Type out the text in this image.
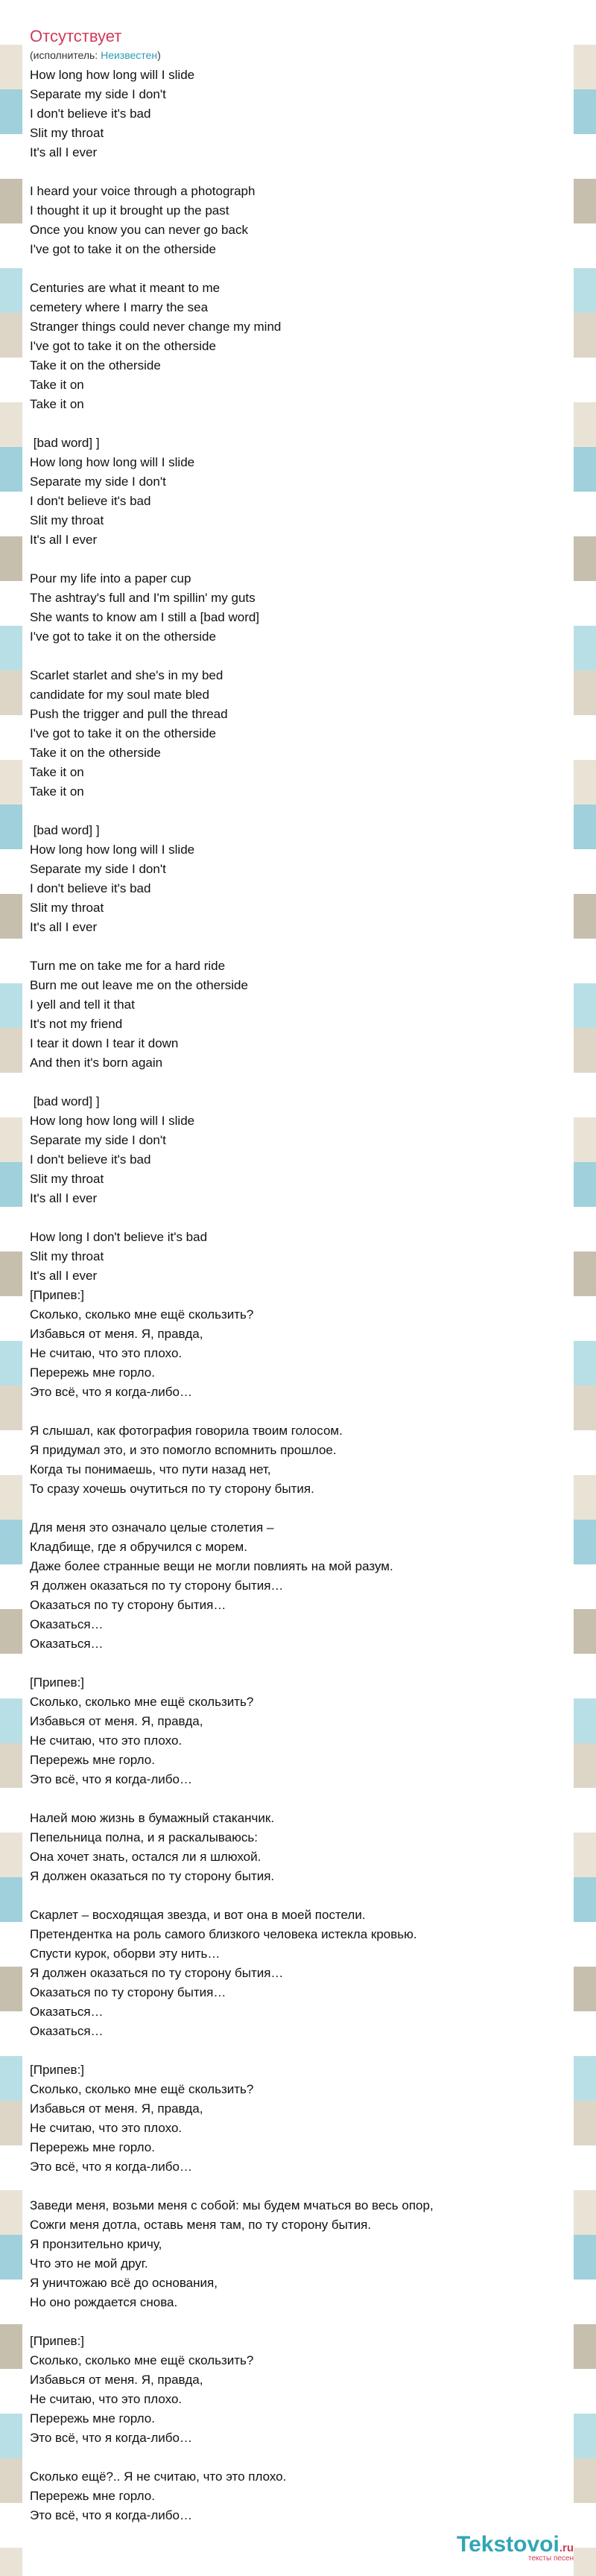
Отсутствует
(исполнитель: Неизвестен)
How long how long will I slide
Separate my side I don't
I don't believe it's bad
Slit my throat
It's all I ever

I heard your voice through a photograph
I thought it up it brought up the past
Once you know you can never go back
I've got to take it on the otherside

Centuries are what it meant to me
cemetery where I marry the sea
Stranger things could never change my mind
I've got to take it on the otherside
Take it on the otherside
Take it on
Take it on

[bad word] ]
How long how long will I slide
Separate my side I don't
I don't believe it's bad
Slit my throat
It's all I ever

Pour my life into a paper cup
The ashtray's full and I'm spillin' my guts
She wants to know am I still a [bad word]
I've got to take it on the otherside

Scarlet starlet and she's in my bed
candidate for my soul mate bled
Push the trigger and pull the thread
I've got to take it on the otherside
Take it on the otherside
Take it on
Take it on

[bad word] ]
How long how long will I slide
Separate my side I don't
I don't believe it's bad
Slit my throat
It's all I ever

Turn me on take me for a hard ride
Burn me out leave me on the otherside
I yell and tell it that
It's not my friend
I tear it down I tear it down
And then it's born again

[bad word] ]
How long how long will I slide
Separate my side I don't
I don't believe it's bad
Slit my throat
It's all I ever

How long I don't believe it's bad
Slit my throat
It's all I ever
[Припев:]
Сколько, сколько мне ещё скользить?
Избавься от меня. Я, правда,
Не считаю, что это плохо.
Перережь мне горло.
Это всё, что я когда-либо…

Я слышал, как фотография говорила твоим голосом.
Я придумал это, и это помогло вспомнить прошлое.
Когда ты понимаешь, что пути назад нет,
То сразу хочешь очутиться по ту сторону бытия.

Для меня это означало целые столетия –
Кладбище, где я обручился с морем.
Даже более странные вещи не могли повлиять на мой разум.
Я должен оказаться по ту сторону бытия…
Оказаться по ту сторону бытия…
Оказаться…
Оказаться…

[Припев:]
Сколько, сколько мне ещё скользить?
Избавься от меня. Я, правда,
Не считаю, что это плохо.
Перережь мне горло.
Это всё, что я когда-либо…

Налей мою жизнь в бумажный стаканчик.
Пепельница полна, и я раскалываюсь:
Она хочет знать, остался ли я шлюхой.
Я должен оказаться по ту сторону бытия.

Скарлет – восходящая звезда, и вот она в моей постели.
Претендентка на роль самого близкого человека истекла кровью.
Спусти курок, оборви эту нить…
Я должен оказаться по ту сторону бытия…
Оказаться по ту сторону бытия…
Оказаться…
Оказаться…

[Припев:]
Сколько, сколько мне ещё скользить?
Избавься от меня. Я, правда,
Не считаю, что это плохо.
Перережь мне горло.
Это всё, что я когда-либо…

Заведи меня, возьми меня с собой: мы будем мчаться во весь опор,
Сожги меня дотла, оставь меня там, по ту сторону бытия.
Я пронзительно кричу,
Что это не мой друг.
Я уничтожаю всё до основания,
Но оно рождается снова.

[Припев:]
Сколько, сколько мне ещё скользить?
Избавься от меня. Я, правда,
Не считаю, что это плохо.
Перережь мне горло.
Это всё, что я когда-либо…

Сколько ещё?.. Я не считаю, что это плохо.
Перережь мне горло.
Это всё, что я когда-либо…
Tekstovoi.ru
тексты песен
